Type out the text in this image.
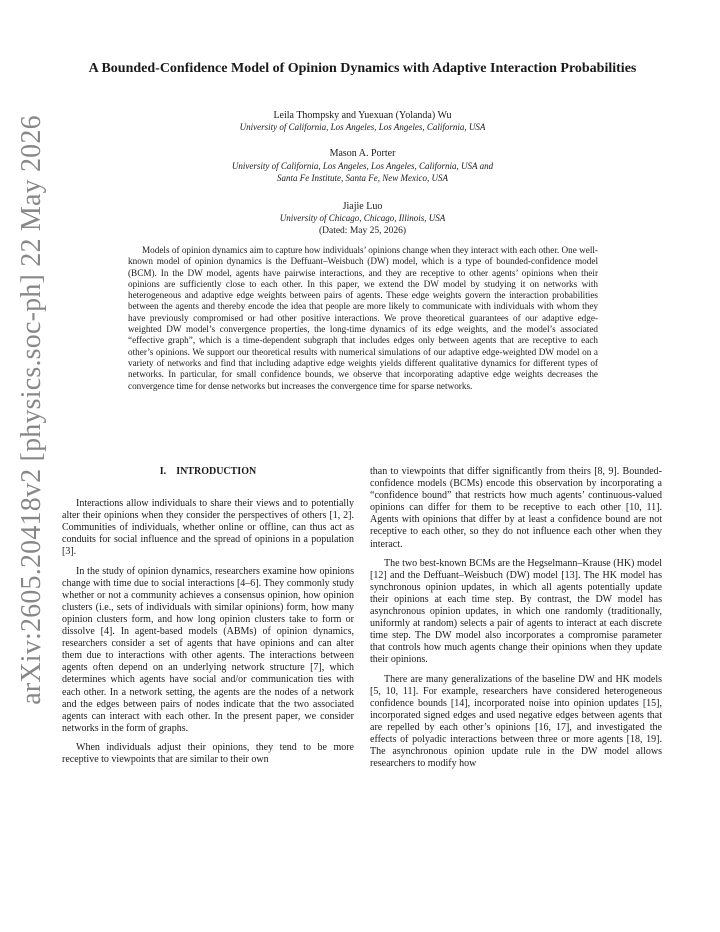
arXiv:2605.20418v2 [physics.soc-ph] 22 May 2026
A Bounded-Confidence Model of Opinion Dynamics with Adaptive Interaction Probabilities
Leila Thompsky and Yuexuan (Yolanda) Wu
University of California, Los Angeles, Los Angeles, California, USA
Mason A. Porter
University of California, Los Angeles, Los Angeles, California, USA and
Santa Fe Institute, Santa Fe, New Mexico, USA
Jiajie Luo
University of Chicago, Chicago, Illinois, USA
(Dated: May 25, 2026)

Models of opinion dynamics aim to capture how individuals’ opinions change when they interact with each other. One well-known model of opinion dynamics is the Deffuant–Weisbuch (DW) model, which is a type of bounded-confidence model (BCM). In the DW model, agents have pairwise interactions, and they are receptive to other agents’ opinions when their opinions are sufficiently close to each other. In this paper, we extend the DW model by studying it on networks with heterogeneous and adaptive edge weights between pairs of agents. These edge weights govern the interaction probabilities between the agents and thereby encode the idea that people are more likely to communicate with individuals with whom they have previously compromised or had other positive interactions. We prove theoretical guarantees of our adaptive edge-weighted DW model’s convergence properties, the long-time dynamics of its edge weights, and the model’s associated “effective graph”, which is a time-dependent subgraph that includes edges only between agents that are receptive to each other’s opinions. We support our theoretical results with numerical simulations of our adaptive edge-weighted DW model on a variety of networks and find that including adaptive edge weights yields different qualitative dynamics for different types of networks. In particular, for small confidence bounds, we observe that incorporating adaptive edge weights decreases the convergence time for dense networks but increases the convergence time for sparse networks.

I. INTRODUCTION

Interactions allow individuals to share their views and to potentially alter their opinions when they consider the perspectives of others [1, 2]. Communities of individuals, whether online or offline, can thus act as conduits for social influence and the spread of opinions in a population [3].

In the study of opinion dynamics, researchers examine how opinions change with time due to social interactions [4–6]. They commonly study whether or not a community achieves a consensus opinion, how opinion clusters (i.e., sets of individuals with similar opinions) form, how many opinion clusters form, and how long opinion clusters take to form or dissolve [4]. In agent-based models (ABMs) of opinion dynamics, researchers consider a set of agents that have opinions and can alter them due to interactions with other agents. The interactions between agents often depend on an underlying network structure [7], which determines which agents have social and/or communication ties with each other. In a network setting, the agents are the nodes of a network and the edges between pairs of nodes indicate that the two associated agents can interact with each other. In the present paper, we consider networks in the form of graphs.

When individuals adjust their opinions, they tend to be more receptive to viewpoints that are similar to their own

than to viewpoints that differ significantly from theirs [8, 9]. Bounded-confidence models (BCMs) encode this observation by incorporating a “confidence bound” that restricts how much agents’ continuous-valued opinions can differ for them to be receptive to each other [10, 11]. Agents with opinions that differ by at least a confidence bound are not receptive to each other, so they do not influence each other when they interact.

The two best-known BCMs are the Hegselmann–Krause (HK) model [12] and the Deffuant–Weisbuch (DW) model [13]. The HK model has synchronous opinion updates, in which all agents potentially update their opinions at each time step. By contrast, the DW model has asynchronous opinion updates, in which one randomly (traditionally, uniformly at random) selects a pair of agents to interact at each discrete time step. The DW model also incorporates a compromise parameter that controls how much agents change their opinions when they update their opinions.

There are many generalizations of the baseline DW and HK models [5, 10, 11]. For example, researchers have considered heterogeneous confidence bounds [14], incorporated noise into opinion updates [15], incorporated signed edges and used negative edges between agents that are repelled by each other’s opinions [16, 17], and investigated the effects of polyadic interactions between three or more agents [18, 19]. The asynchronous opinion update rule in the DW model allows researchers to modify how
